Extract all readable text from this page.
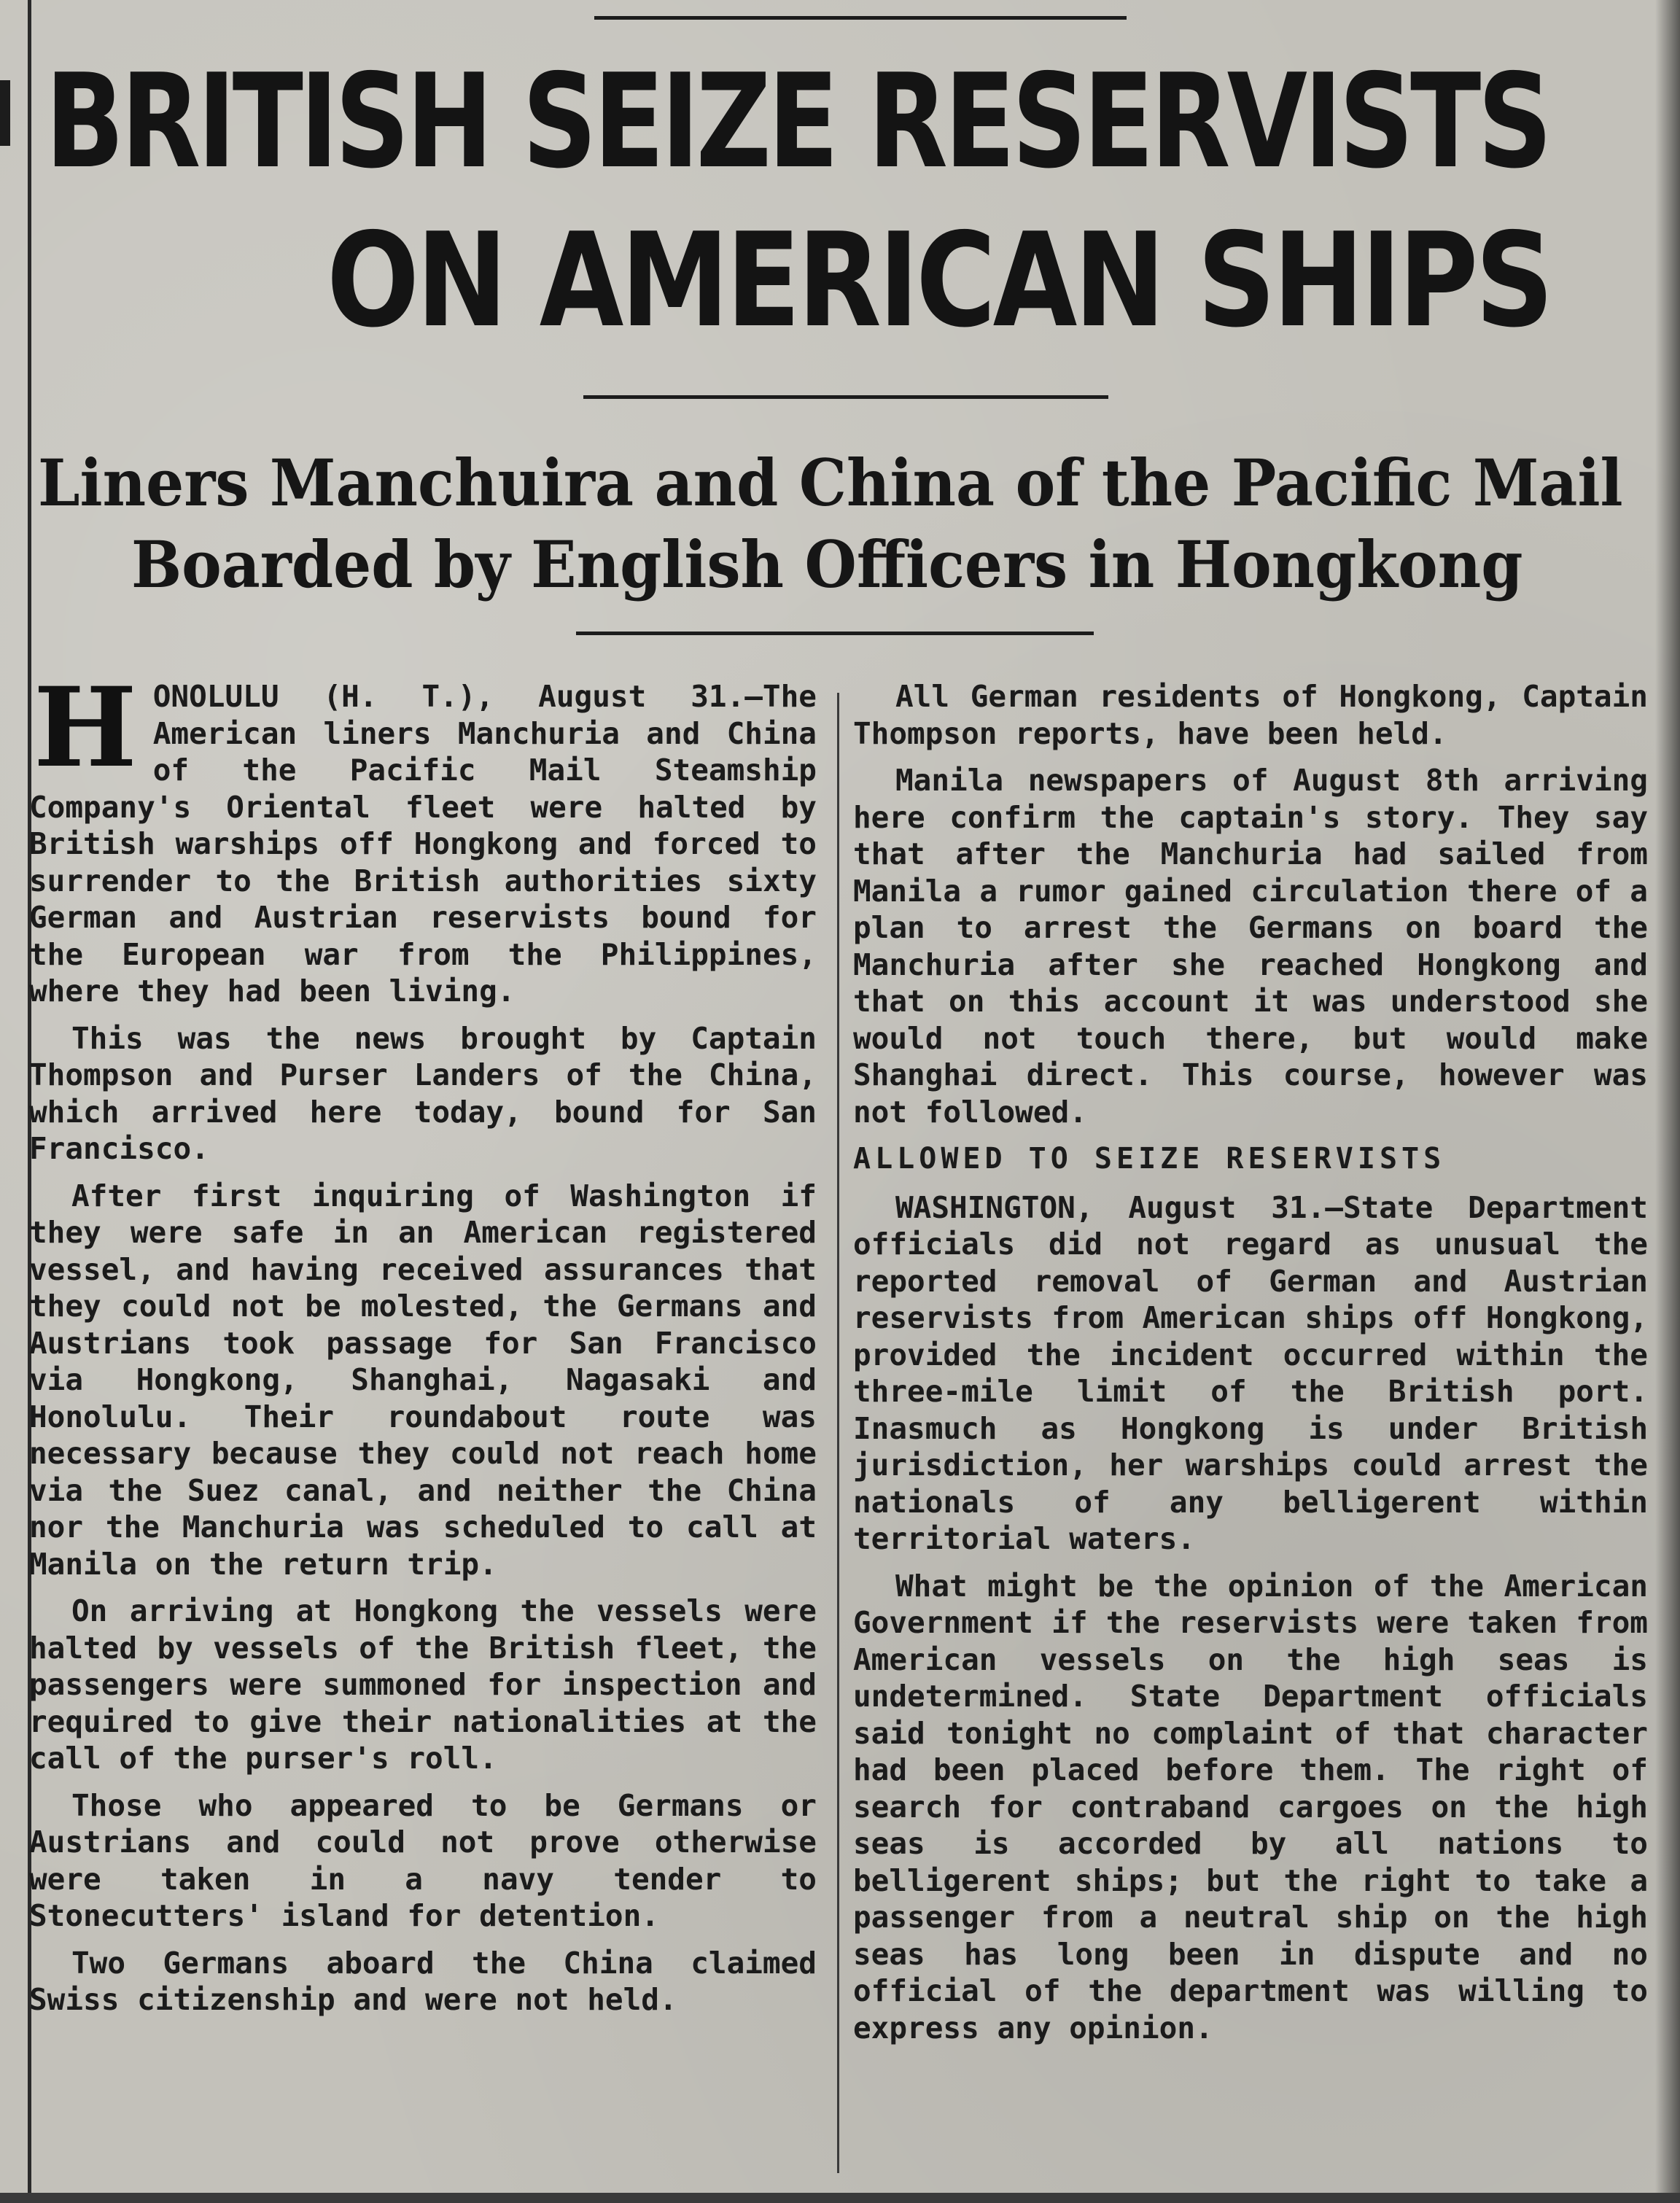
BRITISH SEIZE RESERVISTS
ON AMERICAN SHIPS
Liners Manchuira and China of the Pacific Mail
Boarded by English Officers in Hongkong

HONOLULU (H. T.), August 31.—The American liners Manchuria and China of the Pacific Mail Steamship Company's Oriental fleet were halted by British warships off Hongkong and forced to surrender to the British authorities sixty German and Austrian reservists bound for the European war from the Philippines, where they had been living.

This was the news brought by Captain Thompson and Purser Landers of the China, which arrived here today, bound for San Francisco.

After first inquiring of Washington if they were safe in an American registered vessel, and having received assurances that they could not be molested, the Germans and Austrians took passage for San Francisco via Hongkong, Shanghai, Nagasaki and Honolulu. Their roundabout route was necessary because they could not reach home via the Suez canal, and neither the China nor the Manchuria was scheduled to call at Manila on the return trip.

On arriving at Hongkong the vessels were halted by vessels of the British fleet, the passengers were summoned for inspection and required to give their nationalities at the call of the purser's roll.

Those who appeared to be Germans or Austrians and could not prove otherwise were taken in a navy tender to Stonecutters' island for detention.

Two Germans aboard the China claimed Swiss citizenship and were not held.

All German residents of Hongkong, Captain Thompson reports, have been held.

Manila newspapers of August 8th arriving here confirm the captain's story. They say that after the Manchuria had sailed from Manila a rumor gained circulation there of a plan to arrest the Germans on board the Manchuria after she reached Hongkong and that on this account it was understood she would not touch there, but would make Shanghai direct. This course, however was not followed.

ALLOWED TO SEIZE RESERVISTS

WASHINGTON, August 31.—State Department officials did not regard as unusual the reported removal of German and Austrian reservists from American ships off Hongkong, provided the incident occurred within the three-mile limit of the British port. Inasmuch as Hongkong is under British jurisdiction, her warships could arrest the nationals of any belligerent within territorial waters.

What might be the opinion of the American Government if the reservists were taken from American vessels on the high seas is undetermined. State Department officials said tonight no complaint of that character had been placed before them. The right of search for contraband cargoes on the high seas is accorded by all nations to belligerent ships; but the right to take a passenger from a neutral ship on the high seas has long been in dispute and no official of the department was willing to express any opinion.
